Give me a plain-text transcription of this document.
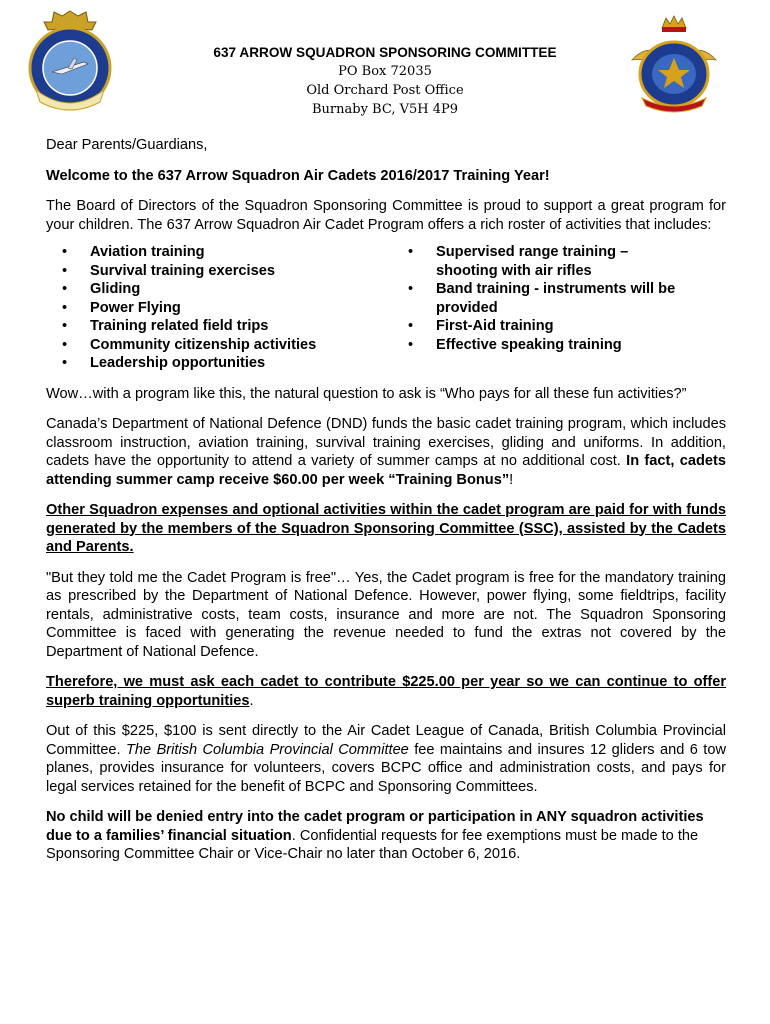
637 ARROW SQUADRON SPONSORING COMMITTEE
PO Box 72035
Old Orchard Post Office
Burnaby BC, V5H 4P9

Dear Parents/Guardians,

Welcome to the 637 Arrow Squadron Air Cadets 2016/2017 Training Year!

The Board of Directors of the Squadron Sponsoring Committee is proud to support a great program for your children. The 637 Arrow Squadron Air Cadet Program offers a rich roster of activities that includes:

• Aviation training
• Survival training exercises
• Gliding
• Power Flying
• Training related field trips
• Community citizenship activities
• Leadership opportunities
• Supervised range training – shooting with air rifles
• Band training - instruments will be provided
• First-Aid training
• Effective speaking training

Wow…with a program like this, the natural question to ask is “Who pays for all these fun activities?”

Canada’s Department of National Defence (DND) funds the basic cadet training program, which includes classroom instruction, aviation training, survival training exercises, gliding and uniforms. In addition, cadets have the opportunity to attend a variety of summer camps at no additional cost. In fact, cadets attending summer camp receive $60.00 per week “Training Bonus”!

Other Squadron expenses and optional activities within the cadet program are paid for with funds generated by the members of the Squadron Sponsoring Committee (SSC), assisted by the Cadets and Parents.

"But they told me the Cadet Program is free"… Yes, the Cadet program is free for the mandatory training as prescribed by the Department of National Defence. However, power flying, some fieldtrips, facility rentals, administrative costs, team costs, insurance and more are not. The Squadron Sponsoring Committee is faced with generating the revenue needed to fund the extras not covered by the Department of National Defence.

Therefore, we must ask each cadet to contribute $225.00 per year so we can continue to offer superb training opportunities.

Out of this $225, $100 is sent directly to the Air Cadet League of Canada, British Columbia Provincial Committee. The British Columbia Provincial Committee fee maintains and insures 12 gliders and 6 tow planes, provides insurance for volunteers, covers BCPC office and administration costs, and pays for legal services retained for the benefit of BCPC and Sponsoring Committees.

No child will be denied entry into the cadet program or participation in ANY squadron activities due to a families’ financial situation. Confidential requests for fee exemptions must be made to the Sponsoring Committee Chair or Vice-Chair no later than October 6, 2016.
